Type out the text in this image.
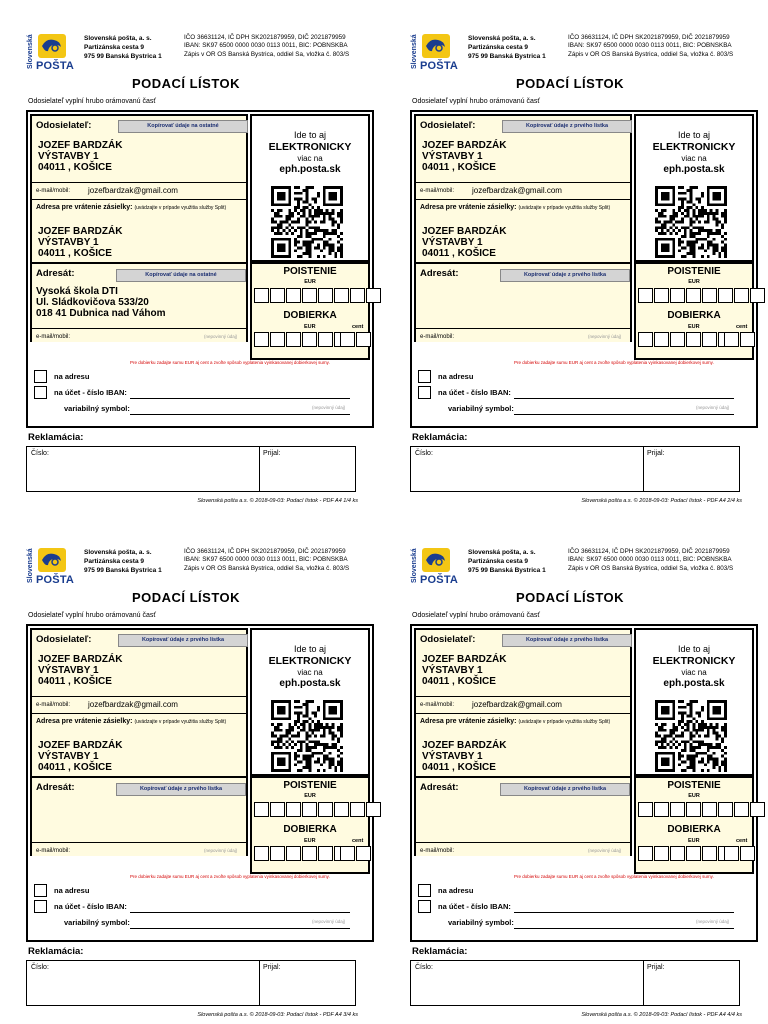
Slovenská POŠTA
Slovenská pošta, a. s.
Partizánska cesta 9
975 99 Banská Bystrica 1
IČO 36631124, IČ DPH SK2021879959, DIČ 2021879959
IBAN: SK97 6500 0000 0030 0113 0011, BIC: POBNSKBA
Zápis v OR OS Banská Bystrica, oddiel Sa, vložka č. 803/S
PODACÍ LÍSTOK
Odosielateľ vyplní hrubo orámovanú časť
Odosielateľ:	Kopírovať údaje na ostatné
JOZEF BARDZÁK
VÝSTAVBY 1
04011 , KOŠICE
e-mail/mobil: jozefbardzak@gmail.com
Adresa pre vrátenie zásielky: (uvádzajte v prípade využitia služby Split)
JOZEF BARDZÁK
VÝSTAVBY 1
04011 , KOŠICE
Ide to aj
ELEKTRONICKY
viac na
eph.posta.sk
Adresát:	Kopírovať údaje na ostatné
Vysoká škola DTI
Ul. Sládkovičova 533/20
018 41 Dubnica nad Váhom
e-mail/mobil:	(nepovinný údaj)
POISTENIE
EUR
DOBIERKA
EUR	cent
Pre dobierku zadajte sumu EUR aj cent a zvoľte spôsob vyplatenia vyinkasovanej dobierkovej sumy.
na adresu
na účet - číslo IBAN:
variabilný symbol:	(nepovinný údaj)
Reklamácia:
Číslo:	Prijal:
Slovenská pošta a.s. © 2018-09-03: Podací lístok - PDF A4 1/4 ks
Slovenská POŠTA
Slovenská pošta, a. s.
Partizánska cesta 9
975 99 Banská Bystrica 1
IČO 36631124, IČ DPH SK2021879959, DIČ 2021879959
IBAN: SK97 6500 0000 0030 0113 0011, BIC: POBNSKBA
Zápis v OR OS Banská Bystrica, oddiel Sa, vložka č. 803/S
PODACÍ LÍSTOK
Odosielateľ vyplní hrubo orámovanú časť
Odosielateľ:	Kopírovať údaje z prvého lístka
JOZEF BARDZÁK
VÝSTAVBY 1
04011 , KOŠICE
e-mail/mobil: jozefbardzak@gmail.com
Adresa pre vrátenie zásielky: (uvádzajte v prípade využitia služby Split)
JOZEF BARDZÁK
VÝSTAVBY 1
04011 , KOŠICE
Ide to aj
ELEKTRONICKY
viac na
eph.posta.sk
Adresát:	Kopírovať údaje z prvého lístka
e-mail/mobil:	(nepovinný údaj)
POISTENIE
EUR
DOBIERKA
EUR	cent
Pre dobierku zadajte sumu EUR aj cent a zvoľte spôsob vyplatenia vyinkasovanej dobierkovej sumy.
na adresu
na účet - číslo IBAN:
variabilný symbol:	(nepovinný údaj)
Reklamácia:
Číslo:	Prijal:
Slovenská pošta a.s. © 2018-09-03: Podací lístok - PDF A4 2/4 ks
Slovenská POŠTA
Slovenská pošta, a. s.
Partizánska cesta 9
975 99 Banská Bystrica 1
IČO 36631124, IČ DPH SK2021879959, DIČ 2021879959
IBAN: SK97 6500 0000 0030 0113 0011, BIC: POBNSKBA
Zápis v OR OS Banská Bystrica, oddiel Sa, vložka č. 803/S
PODACÍ LÍSTOK
Odosielateľ vyplní hrubo orámovanú časť
Odosielateľ:	Kopírovať údaje z prvého lístka
JOZEF BARDZÁK
VÝSTAVBY 1
04011 , KOŠICE
e-mail/mobil: jozefbardzak@gmail.com
Adresa pre vrátenie zásielky: (uvádzajte v prípade využitia služby Split)
JOZEF BARDZÁK
VÝSTAVBY 1
04011 , KOŠICE
Ide to aj
ELEKTRONICKY
viac na
eph.posta.sk
Adresát:	Kopírovať údaje z prvého lístka
e-mail/mobil:	(nepovinný údaj)
POISTENIE
EUR
DOBIERKA
EUR	cent
Pre dobierku zadajte sumu EUR aj cent a zvoľte spôsob vyplatenia vyinkasovanej dobierkovej sumy.
na adresu
na účet - číslo IBAN:
variabilný symbol:	(nepovinný údaj)
Reklamácia:
Číslo:	Prijal:
Slovenská pošta a.s. © 2018-09-03: Podací lístok - PDF A4 3/4 ks
Slovenská POŠTA
Slovenská pošta, a. s.
Partizánska cesta 9
975 99 Banská Bystrica 1
IČO 36631124, IČ DPH SK2021879959, DIČ 2021879959
IBAN: SK97 6500 0000 0030 0113 0011, BIC: POBNSKBA
Zápis v OR OS Banská Bystrica, oddiel Sa, vložka č. 803/S
PODACÍ LÍSTOK
Odosielateľ vyplní hrubo orámovanú časť
Odosielateľ:	Kopírovať údaje z prvého lístka
JOZEF BARDZÁK
VÝSTAVBY 1
04011 , KOŠICE
e-mail/mobil: jozefbardzak@gmail.com
Adresa pre vrátenie zásielky: (uvádzajte v prípade využitia služby Split)
JOZEF BARDZÁK
VÝSTAVBY 1
04011 , KOŠICE
Ide to aj
ELEKTRONICKY
viac na
eph.posta.sk
Adresát:	Kopírovať údaje z prvého lístka
e-mail/mobil:	(nepovinný údaj)
POISTENIE
EUR
DOBIERKA
EUR	cent
Pre dobierku zadajte sumu EUR aj cent a zvoľte spôsob vyplatenia vyinkasovanej dobierkovej sumy.
na adresu
na účet - číslo IBAN:
variabilný symbol:	(nepovinný údaj)
Reklamácia:
Číslo:	Prijal:
Slovenská pošta a.s. © 2018-09-03: Podací lístok - PDF A4 4/4 ks
